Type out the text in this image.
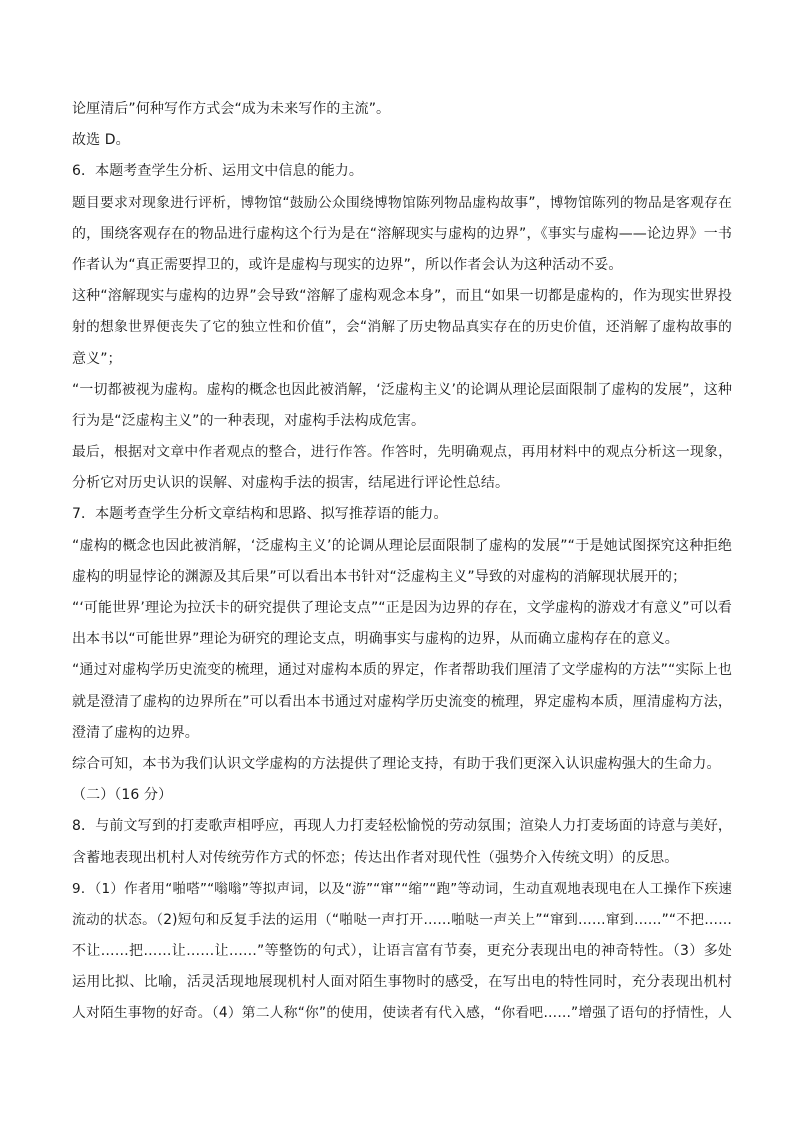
论厘清后”何种写作方式会“成为未来写作的主流”。
故选 D。
6．本题考查学生分析、运用文中信息的能力。
题目要求对现象进行评析，博物馆“鼓励公众围绕博物馆陈列物品虚构故事”，博物馆陈列的物品是客观存在
的，围绕客观存在的物品进行虚构这个行为是在“溶解现实与虚构的边界”，《事实与虚构——论边界》一书
作者认为“真正需要捍卫的，或许是虚构与现实的边界”，所以作者会认为这种活动不妥。
这种“溶解现实与虚构的边界”会导致“溶解了虚构观念本身”，而且“如果一切都是虚构的，作为现实世界投
射的想象世界便丧失了它的独立性和价值”，会“消解了历史物品真实存在的历史价值，还消解了虚构故事的
意义”；
“一切都被视为虚构。虚构的概念也因此被消解，‘泛虚构主义’的论调从理论层面限制了虚构的发展”，这种
行为是“泛虚构主义”的一种表现，对虚构手法构成危害。
最后，根据对文章中作者观点的整合，进行作答。作答时，先明确观点，再用材料中的观点分析这一现象，
分析它对历史认识的误解、对虚构手法的损害，结尾进行评论性总结。
7．本题考查学生分析文章结构和思路、拟写推荐语的能力。
“虚构的概念也因此被消解，‘泛虚构主义’的论调从理论层面限制了虚构的发展”“于是她试图探究这种拒绝
虚构的明显悖论的渊源及其后果”可以看出本书针对“泛虚构主义”导致的对虚构的消解现状展开的；
“‘可能世界’理论为拉沃卡的研究提供了理论支点”“正是因为边界的存在，文学虚构的游戏才有意义”可以看
出本书以“可能世界”理论为研究的理论支点，明确事实与虚构的边界，从而确立虚构存在的意义。
“通过对虚构学历史流变的梳理，通过对虚构本质的界定，作者帮助我们厘清了文学虚构的方法”“实际上也
就是澄清了虚构的边界所在”可以看出本书通过对虚构学历史流变的梳理，界定虚构本质，厘清虚构方法，
澄清了虚构的边界。
综合可知，本书为我们认识文学虚构的方法提供了理论支持，有助于我们更深入认识虚构强大的生命力。
（二）（16 分）
8．与前文写到的打麦歌声相呼应，再现人力打麦轻松愉悦的劳动氛围；渲染人力打麦场面的诗意与美好，
含蓄地表现出机村人对传统劳作方式的怀恋；传达出作者对现代性（强势介入传统文明）的反思。
9．（1）作者用“啪嗒”“嗡嗡”等拟声词，以及“游”“窜”“缩”“跑”等动词，生动直观地表现电在人工操作下疾速
流动的状态。（2)短句和反复手法的运用（“啪哒一声打开……啪哒一声关上”“窜到……窜到……”“不把……
不让……把……让……让……”等整饬的句式），让语言富有节奏，更充分表现出电的神奇特性。（3）多处
运用比拟、比喻，活灵活现地展现机村人面对陌生事物时的感受，在写出电的特性同时，充分表现出机村
人对陌生事物的好奇。（4）第二人称“你”的使用，使读者有代入感，“你看吧……”增强了语句的抒情性，人
